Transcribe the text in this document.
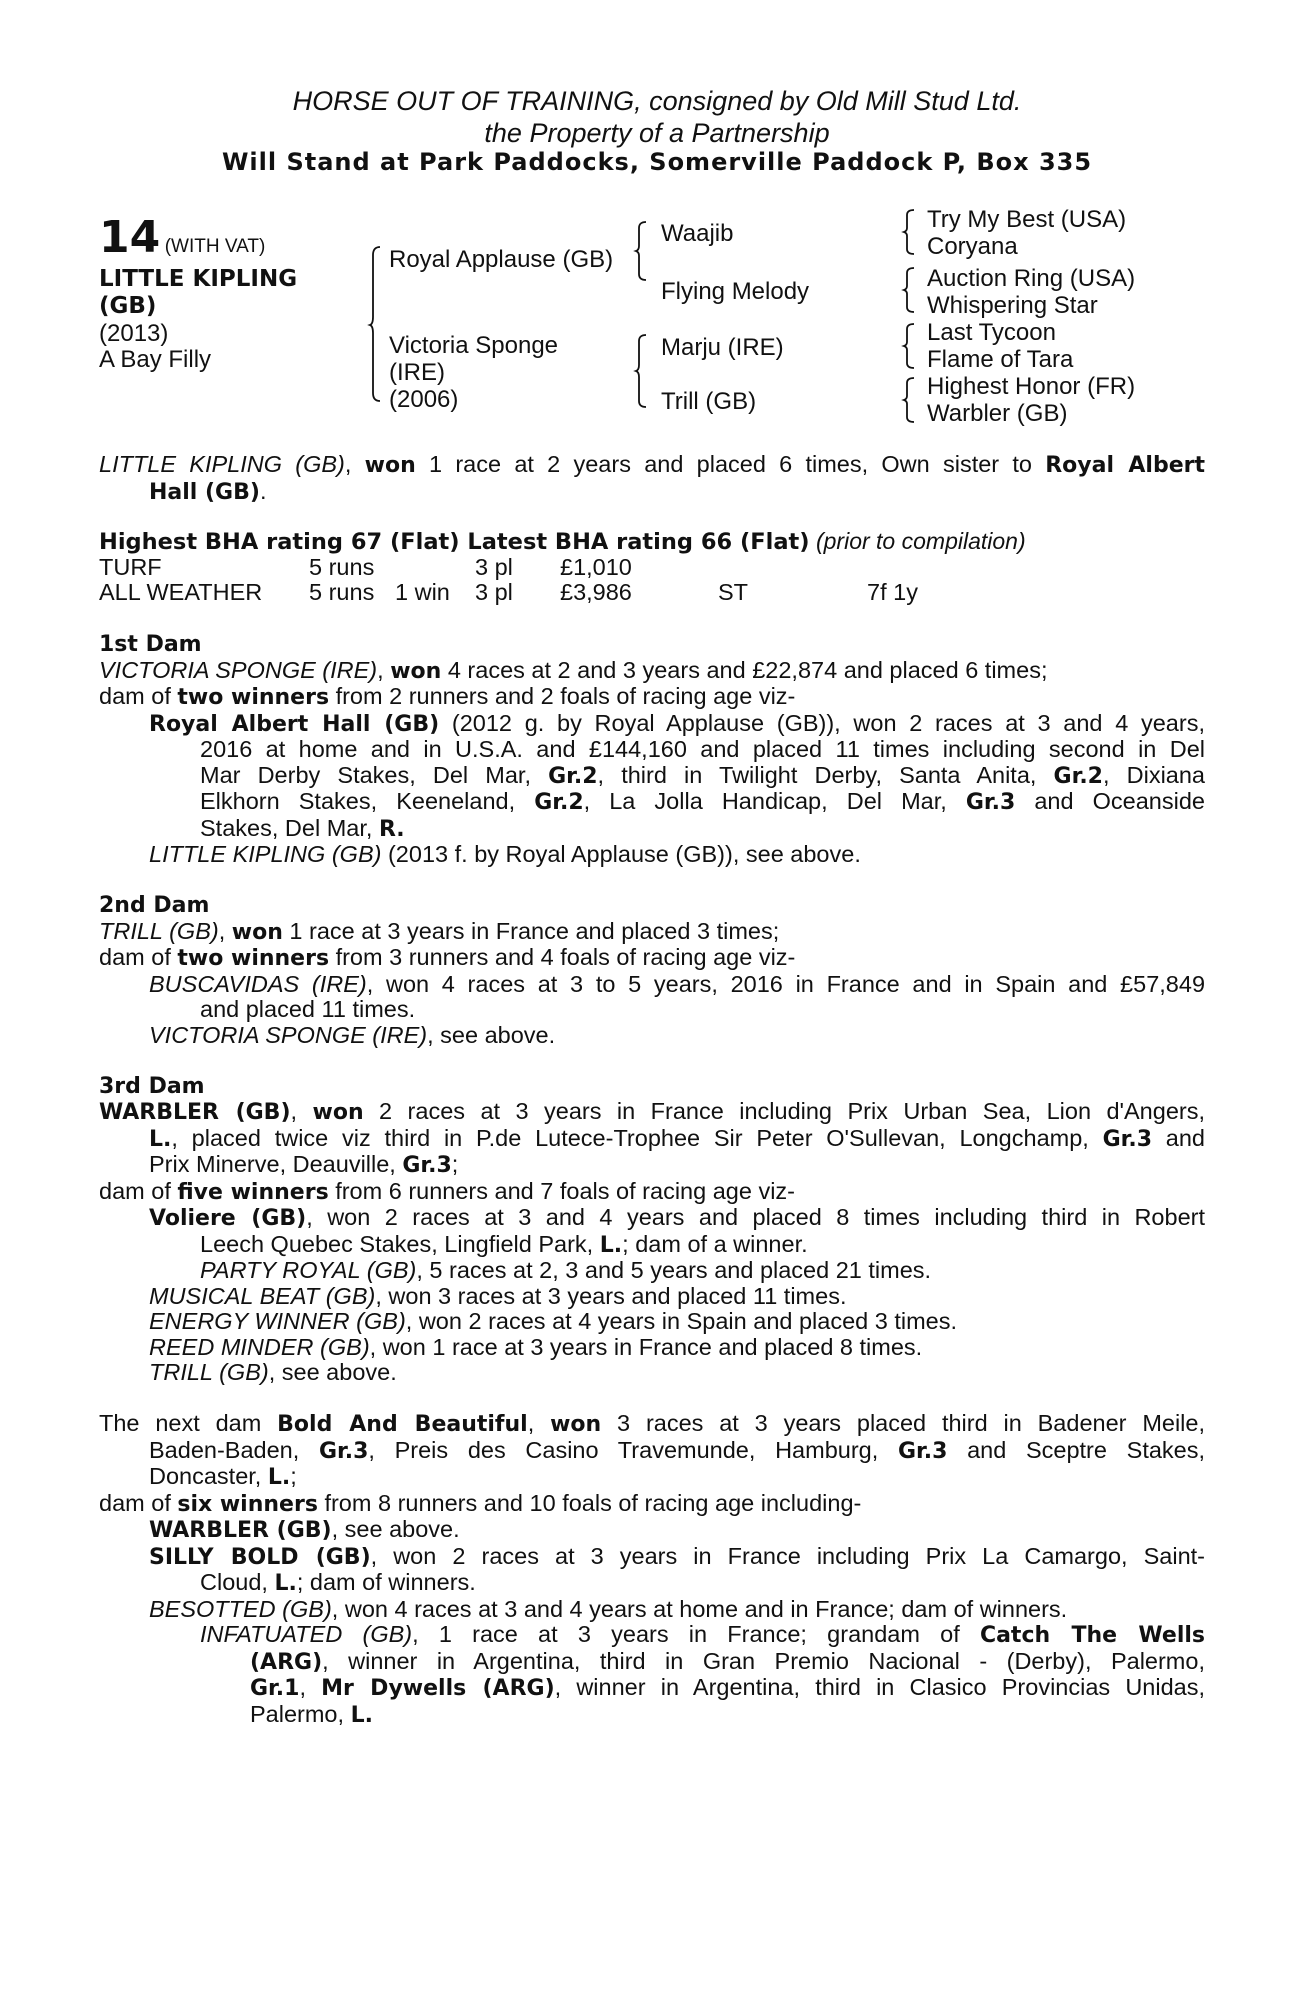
HORSE OUT OF TRAINING, consigned by Old Mill Stud Ltd.
the Property of a Partnership
Will Stand at Park Paddocks, Somerville Paddock P, Box 335
14 (WITH VAT)
LITTLE KIPLING
(GB)
(2013)
A Bay Filly
Royal Applause (GB)
Victoria Sponge
(IRE)
(2006)
Waajib
Flying Melody
Marju (IRE)
Trill (GB)
Try My Best (USA)
Coryana
Auction Ring (USA)
Whispering Star
Last Tycoon
Flame of Tara
Highest Honor (FR)
Warbler (GB)
LITTLE KIPLING (GB), won 1 race at 2 years and placed 6 times, Own sister to Royal Albert
Hall (GB).
Highest BHA rating 67 (Flat) Latest BHA rating 66 (Flat) (prior to compilation)
TURF	5 runs		3 pl	£1,010		
ALL WEATHER	5 runs	1 win	3 pl	£3,986	ST	7f 1y
1st Dam
VICTORIA SPONGE (IRE), won 4 races at 2 and 3 years and £22,874 and placed 6 times;
dam of two winners from 2 runners and 2 foals of racing age viz-
Royal Albert Hall (GB) (2012 g. by Royal Applause (GB)), won 2 races at 3 and 4 years,
2016 at home and in U.S.A. and £144,160 and placed 11 times including second in Del
Mar Derby Stakes, Del Mar, Gr.2, third in Twilight Derby, Santa Anita, Gr.2, Dixiana
Elkhorn Stakes, Keeneland, Gr.2, La Jolla Handicap, Del Mar, Gr.3 and Oceanside
Stakes, Del Mar, R.
LITTLE KIPLING (GB) (2013 f. by Royal Applause (GB)), see above.
2nd Dam
TRILL (GB), won 1 race at 3 years in France and placed 3 times;
dam of two winners from 3 runners and 4 foals of racing age viz-
BUSCAVIDAS (IRE), won 4 races at 3 to 5 years, 2016 in France and in Spain and £57,849
and placed 11 times.
VICTORIA SPONGE (IRE), see above.
3rd Dam
WARBLER (GB), won 2 races at 3 years in France including Prix Urban Sea, Lion d'Angers,
L., placed twice viz third in P.de Lutece-Trophee Sir Peter O'Sullevan, Longchamp, Gr.3 and
Prix Minerve, Deauville, Gr.3;
dam of five winners from 6 runners and 7 foals of racing age viz-
Voliere (GB), won 2 races at 3 and 4 years and placed 8 times including third in Robert
Leech Quebec Stakes, Lingfield Park, L.; dam of a winner.
PARTY ROYAL (GB), 5 races at 2, 3 and 5 years and placed 21 times.
MUSICAL BEAT (GB), won 3 races at 3 years and placed 11 times.
ENERGY WINNER (GB), won 2 races at 4 years in Spain and placed 3 times.
REED MINDER (GB), won 1 race at 3 years in France and placed 8 times.
TRILL (GB), see above.
The next dam Bold And Beautiful, won 3 races at 3 years placed third in Badener Meile,
Baden-Baden, Gr.3, Preis des Casino Travemunde, Hamburg, Gr.3 and Sceptre Stakes,
Doncaster, L.;
dam of six winners from 8 runners and 10 foals of racing age including-
WARBLER (GB), see above.
SILLY BOLD (GB), won 2 races at 3 years in France including Prix La Camargo, Saint-
Cloud, L.; dam of winners.
BESOTTED (GB), won 4 races at 3 and 4 years at home and in France; dam of winners.
INFATUATED (GB), 1 race at 3 years in France; grandam of Catch The Wells
(ARG), winner in Argentina, third in Gran Premio Nacional - (Derby), Palermo,
Gr.1, Mr Dywells (ARG), winner in Argentina, third in Clasico Provincias Unidas,
Palermo, L.
